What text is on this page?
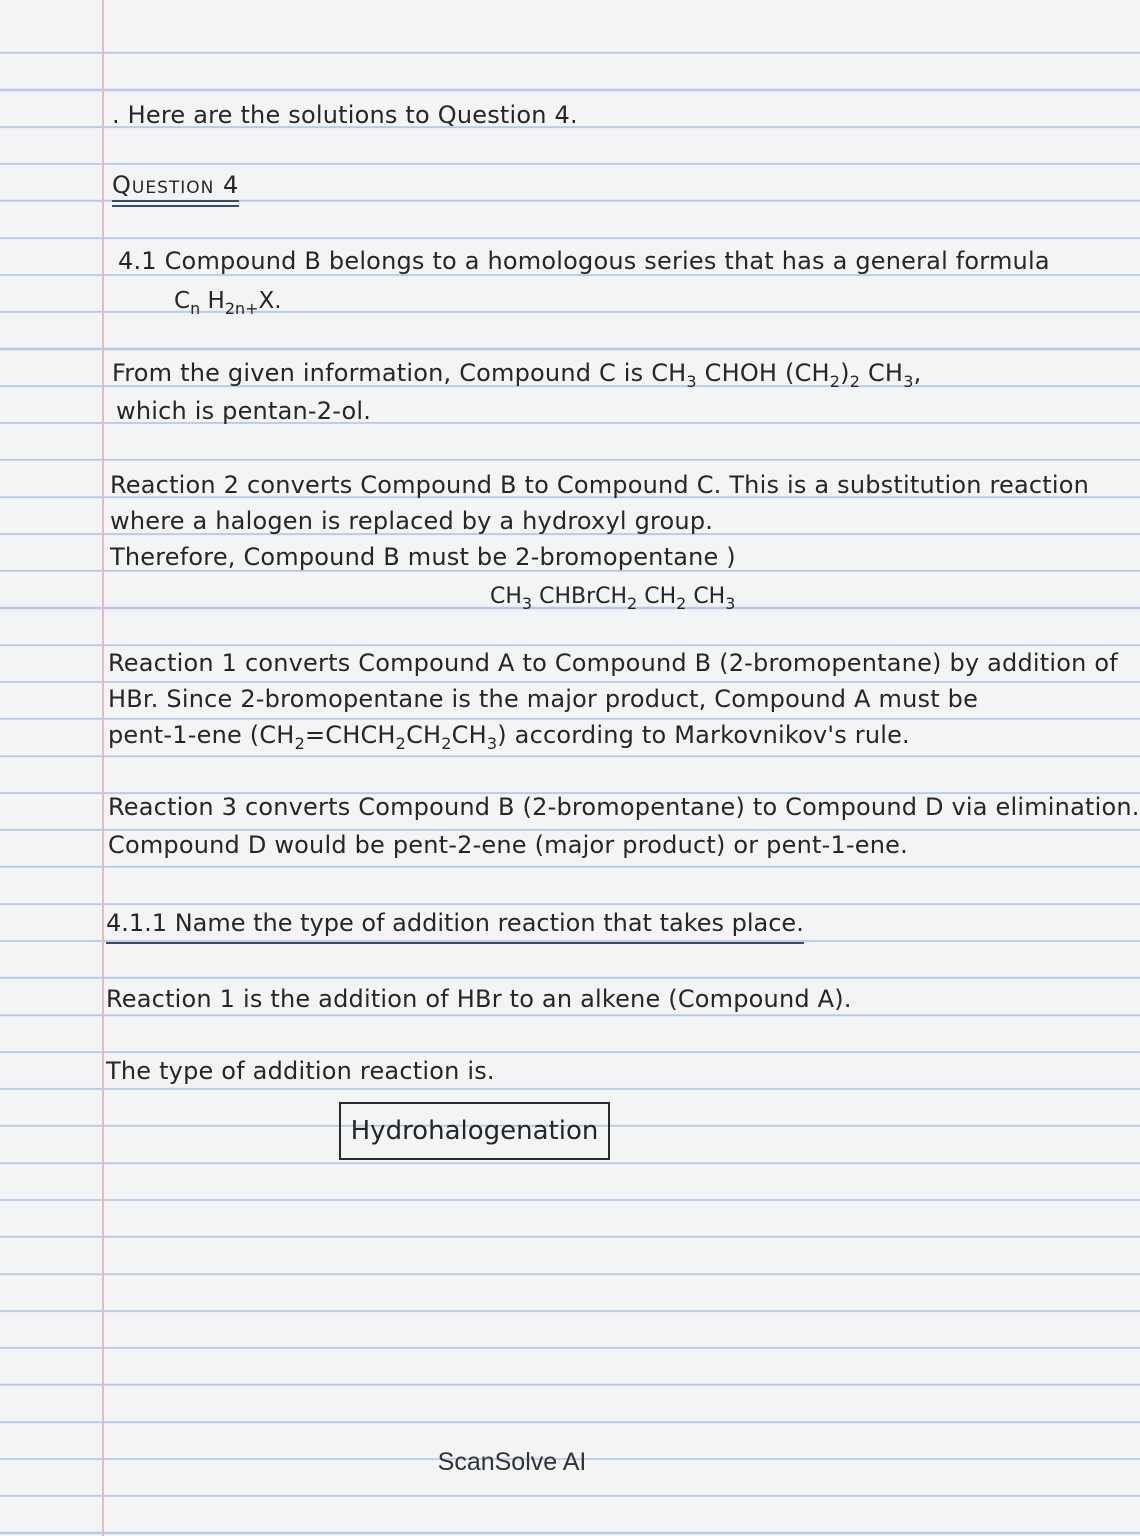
. Here are the solutions to Question 4.
Question 4
4.1 Compound B belongs to a homologous series that has a general formula
$C_n$ $H_{2n+}X$.
From the given information, Compound C is $CH_3$ CHOH $(CH_2)_2$ $CH_3$,
which is pentan-2-ol.
Reaction 2 converts Compound B to Compound C. This is a substitution reaction
where a halogen is replaced by a hydroxyl group.
Therefore, Compound B must be 2-bromopentane )
$CH_3$ CHBrCH$_2$ $CH_2$ $CH_3$
Reaction 1 converts Compound A to Compound B (2-bromopentane) by addition of
HBr. Since 2-bromopentane is the major product, Compound A must be
pent-1-ene $(CH_2=CHCH_2CH_2CH_3)$ according to Markovnikov's rule.
Reaction 3 converts Compound B (2-bromopentane) to Compound D via elimination.
Compound D would be pent-2-ene (major product) or pent-1-ene.
4.1.1 Name the type of addition reaction that takes place.
Reaction 1 is the addition of HBr to an alkene (Compound A).
The type of addition reaction is.
Hydrohalogenation
ScanSolve AI
